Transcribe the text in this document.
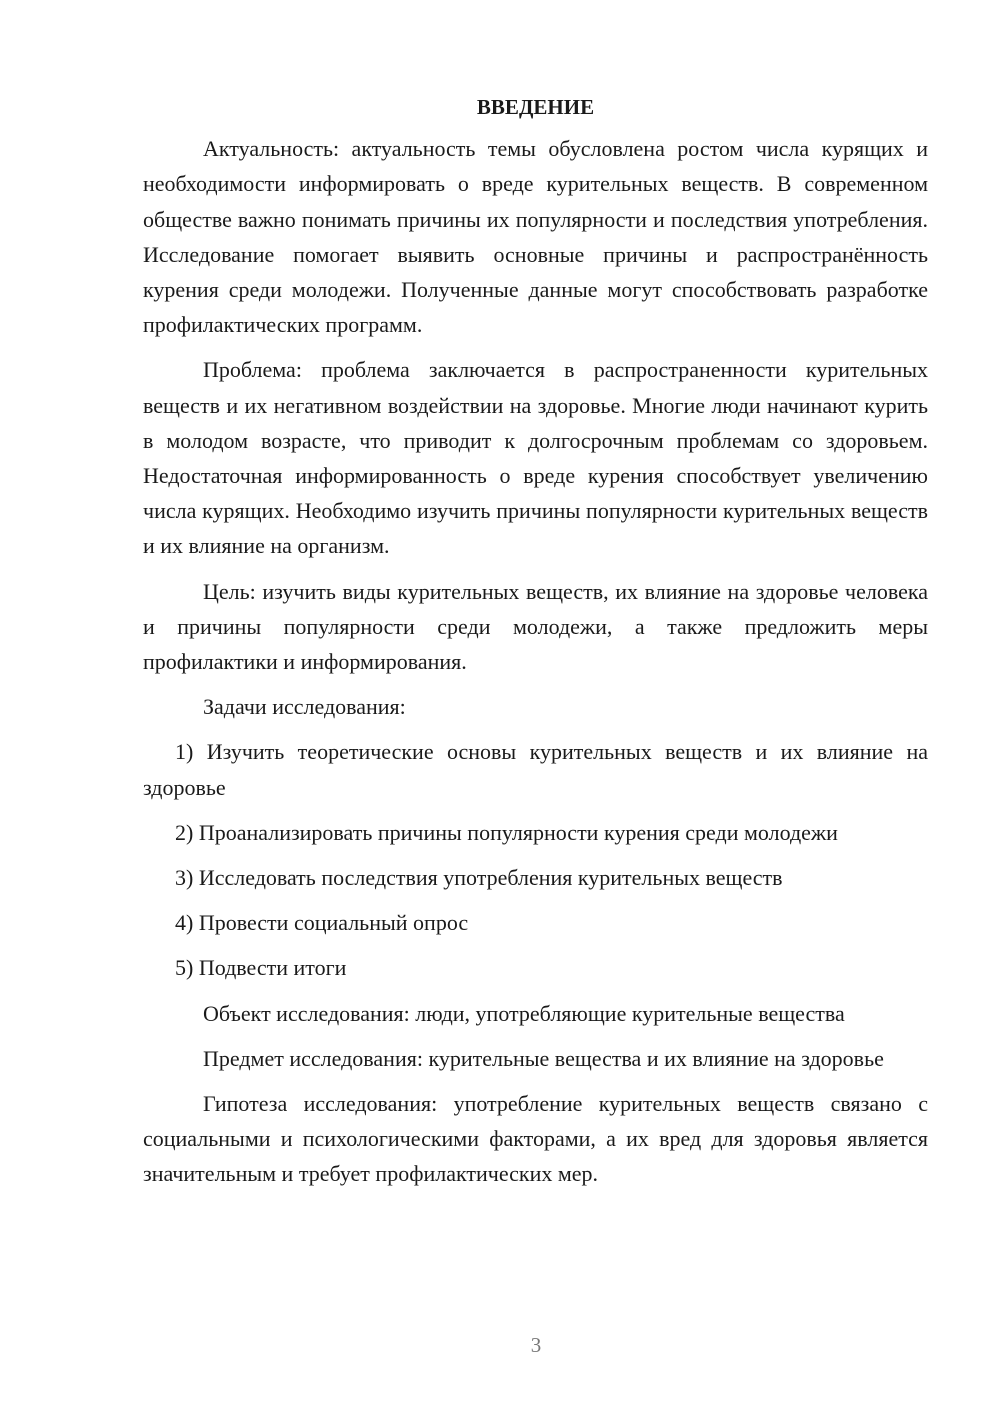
ВВЕДЕНИЕ

Актуальность: актуальность темы обусловлена ростом числа курящих и необходимости информировать о вреде курительных веществ. В современном обществе важно понимать причины их популярности и последствия употребления. Исследование помогает выявить основные причины и распространённость курения среди молодежи. Полученные данные могут способствовать разработке профилактических программ.

Проблема: проблема заключается в распространенности курительных веществ и их негативном воздействии на здоровье. Многие люди начинают курить в молодом возрасте, что приводит к долгосрочным проблемам со здоровьем. Недостаточная информированность о вреде курения способствует увеличению числа курящих. Необходимо изучить причины популярности курительных веществ и их влияние на организм.

Цель: изучить виды курительных веществ, их влияние на здоровье человека и причины популярности среди молодежи, а также предложить меры профилактики и информирования.

Задачи исследования:

1) Изучить теоретические основы курительных веществ и их влияние на здоровье

2) Проанализировать причины популярности курения среди молодежи

3) Исследовать последствия употребления курительных веществ

4) Провести социальный опрос

5) Подвести итоги

Объект исследования: люди, употребляющие курительные вещества

Предмет исследования: курительные вещества и их влияние на здоровье

Гипотеза исследования: употребление курительных веществ связано с социальными и психологическими факторами, а их вред для здоровья является значительным и требует профилактических мер.

3
